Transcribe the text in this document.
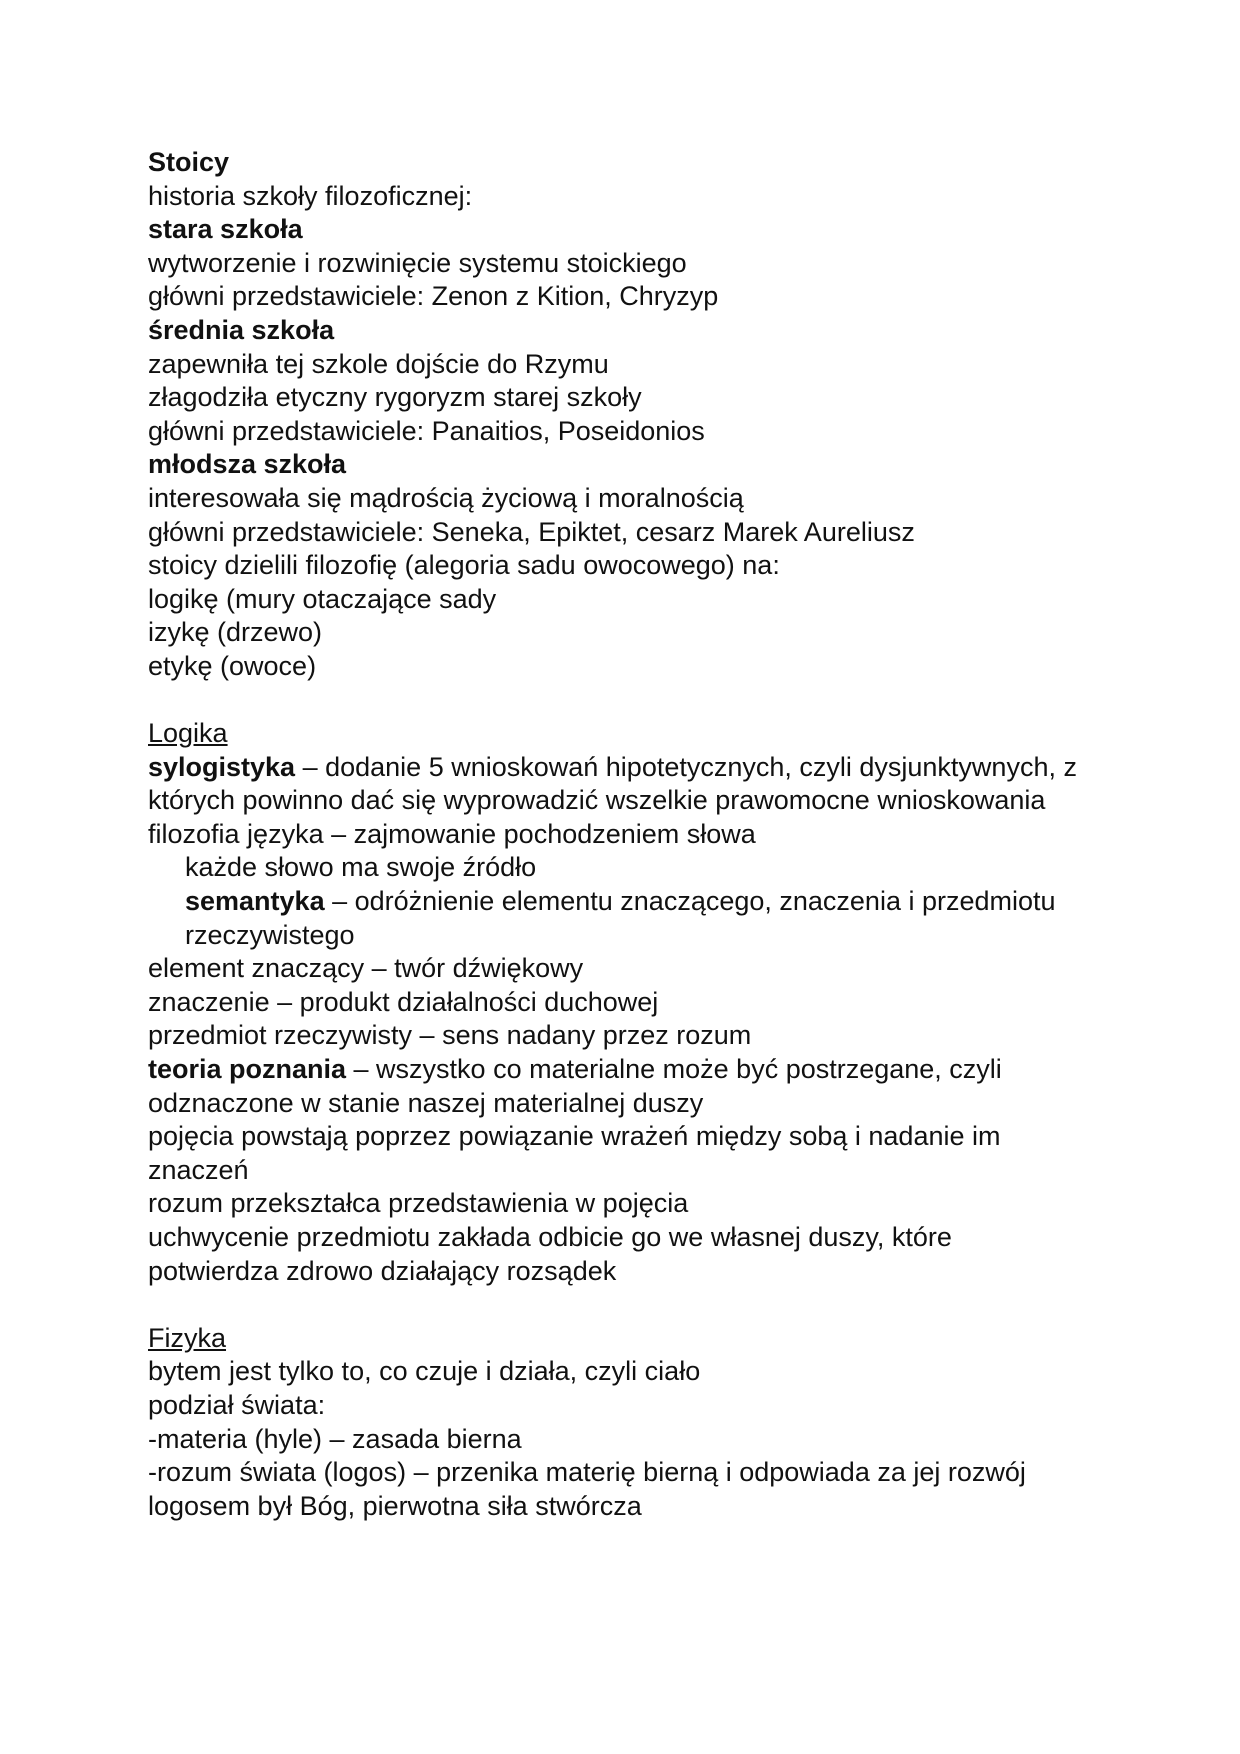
Stoicy
historia szkoły filozoficznej:
stara szkoła
wytworzenie i rozwinięcie systemu stoickiego
główni przedstawiciele: Zenon z Kition, Chryzyp
średnia szkoła
zapewniła tej szkole dojście do Rzymu
złagodziła etyczny rygoryzm starej szkoły
główni przedstawiciele: Panaitios, Poseidonios
młodsza szkoła
interesowała się mądrością życiową i moralnością
główni przedstawiciele: Seneka, Epiktet, cesarz Marek Aureliusz
stoicy dzielili filozofię (alegoria sadu owocowego) na:
logikę (mury otaczające sady
izykę (drzewo)
etykę (owoce)
Logika
sylogistyka – dodanie 5 wnioskowań hipotetycznych, czyli dysjunktywnych, z których powinno dać się wyprowadzić wszelkie prawomocne wnioskowania
filozofia języka – zajmowanie pochodzeniem słowa
każde słowo ma swoje źródło
semantyka – odróżnienie elementu znaczącego, znaczenia i przedmiotu rzeczywistego
element znaczący – twór dźwiękowy
znaczenie – produkt działalności duchowej
przedmiot rzeczywisty – sens nadany przez rozum
teoria poznania – wszystko co materialne może być postrzegane, czyli odznaczone w stanie naszej materialnej duszy
pojęcia powstają poprzez powiązanie wrażeń między sobą i nadanie im znaczeń
rozum przekształca przedstawienia w pojęcia
uchwycenie przedmiotu zakłada odbicie go we własnej duszy, które potwierdza zdrowo działający rozsądek
Fizyka
bytem jest tylko to, co czuje i działa, czyli ciało
podział świata:
-materia (hyle) – zasada bierna
-rozum świata (logos) – przenika materię bierną i odpowiada za jej rozwój
logosem był Bóg, pierwotna siła stwórcza
